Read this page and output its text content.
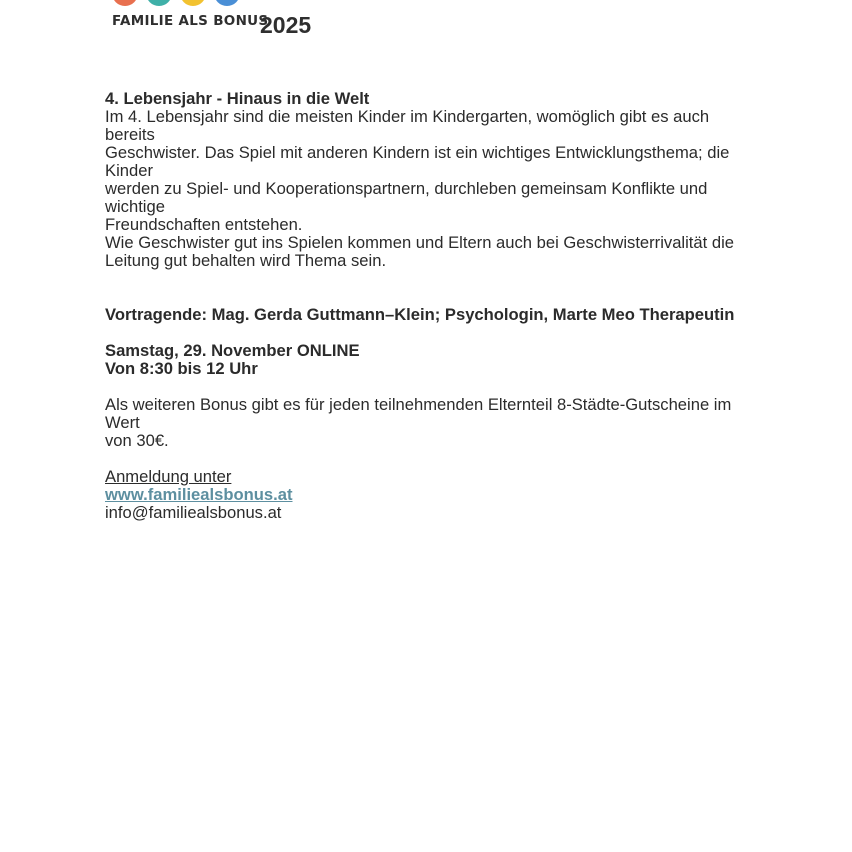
FAMILIE ALS BONUS
2025

4. Lebensjahr - Hinaus in die Welt

Im 4. Lebensjahr sind die meisten Kinder im Kindergarten, womöglich gibt es auch bereits

Geschwister. Das Spiel mit anderen Kindern ist ein wichtiges Entwicklungsthema; die Kinder

werden zu Spiel- und Kooperationspartnern, durchleben gemeinsam Konflikte und wichtige

Freundschaften entstehen.

Wie Geschwister gut ins Spielen kommen und Eltern auch bei Geschwisterrivalität die

Leitung gut behalten wird Thema sein.

Vortragende: Mag. Gerda Guttmann–Klein; Psychologin, Marte Meo Therapeutin

Samstag, 29. November ONLINE

Von 8:30 bis 12 Uhr

Als weiteren Bonus gibt es für jeden teilnehmenden Elternteil 8-Städte-Gutscheine im Wert

von 30€.

Anmeldung unter

www.familiealsbonus.at

info@familiealsbonus.at
